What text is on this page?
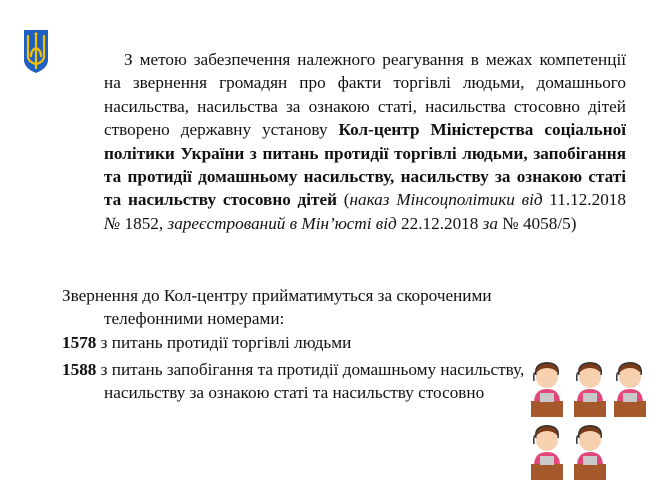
З метою забезпечення належного реагування в межах компетенції на звернення громадян про факти торгівлі людьми, домашнього насильства, насильства за ознакою статі, насильства стосовно дітей створено державну установу Кол-центр Міністерства соціальної політики України з питань протидії торгівлі людьми, запобігання та протидії домашньому насильству, насильству за ознакою статі та насильству стосовно дітей (наказ Мінсоцполітики від 11.12.2018 № 1852, зареєстрований в Мін’юсті від 22.12.2018 за № 4058/5)

Звернення до Кол-центру прийматимуться за скороченими

телефонними номерами:

1578 з питань протидії торгівлі людьми

1588 з питань запобігання та протидії домашньому насильству,

насильству за ознакою статі та насильству стосовно
